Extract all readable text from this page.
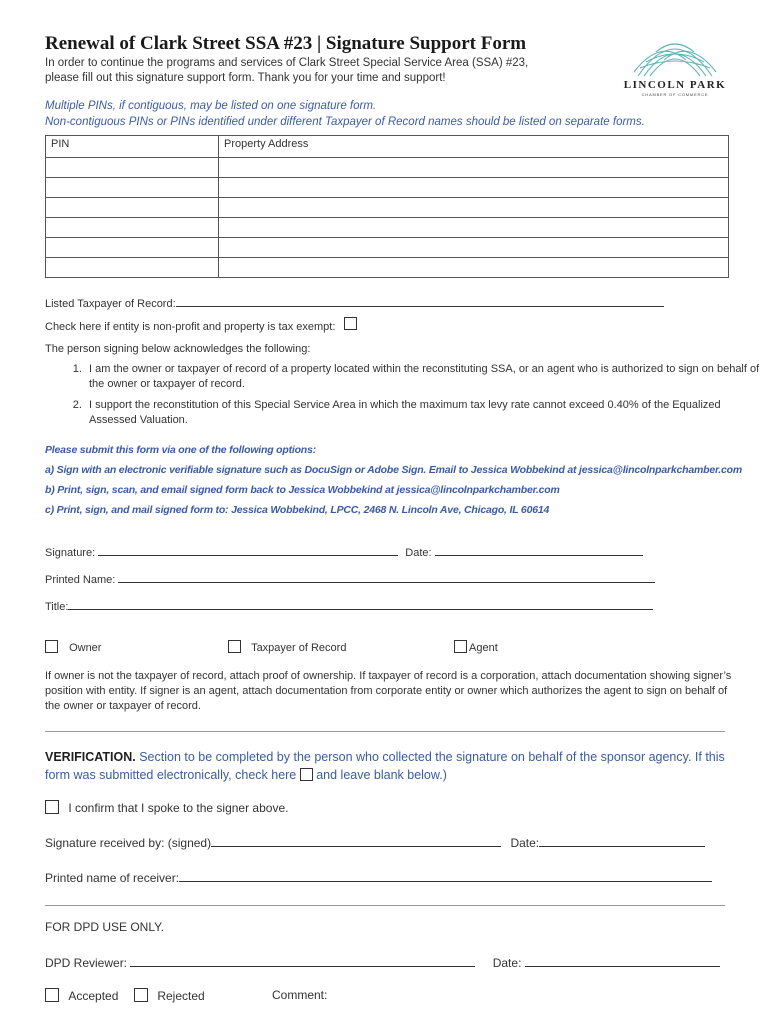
Renewal of Clark Street SSA #23 | Signature Support Form
In order to continue the programs and services of Clark Street Special Service Area (SSA) #23,
please fill out this signature support form. Thank you for your time and support!
LINCOLN PARK
CHAMBER OF COMMERCE
Multiple PINs, if contiguous, may be listed on one signature form.
Non-contiguous PINs or PINs identified under different Taxpayer of Record names should be listed on separate forms.
PIN	Property Address

Listed Taxpayer of Record:
Check here if entity is non-profit and property is tax exempt:
The person signing below acknowledges the following:
1. I am the owner or taxpayer of record of a property located within the reconstituting SSA, or an agent who is authorized to sign on behalf of the owner or taxpayer of record.
2. I support the reconstitution of this Special Service Area in which the maximum tax levy rate cannot exceed 0.40% of the Equalized Assessed Valuation.
Please submit this form via one of the following options:
a) Sign with an electronic verifiable signature such as DocuSign or Adobe Sign. Email to Jessica Wobbekind at jessica@lincolnparkchamber.com
b) Print, sign, scan, and email signed form back to Jessica Wobbekind at jessica@lincolnparkchamber.com
c) Print, sign, and mail signed form to: Jessica Wobbekind, LPCC, 2468 N. Lincoln Ave, Chicago, IL 60614
Signature:	Date:
Printed Name:
Title:
Owner	Taxpayer of Record	Agent
If owner is not the taxpayer of record, attach proof of ownership. If taxpayer of record is a corporation, attach documentation showing signer’s position with entity. If signer is an agent, attach documentation from corporate entity or owner which authorizes the agent to sign on behalf of the owner or taxpayer of record.
VERIFICATION. Section to be completed by the person who collected the signature on behalf of the sponsor agency. If this form was submitted electronically, check here  and leave blank below.)
I confirm that I spoke to the signer above.
Signature received by: (signed)	Date:
Printed name of receiver:
FOR DPD USE ONLY.
DPD Reviewer:	Date:
Accepted	Rejected	Comment:
